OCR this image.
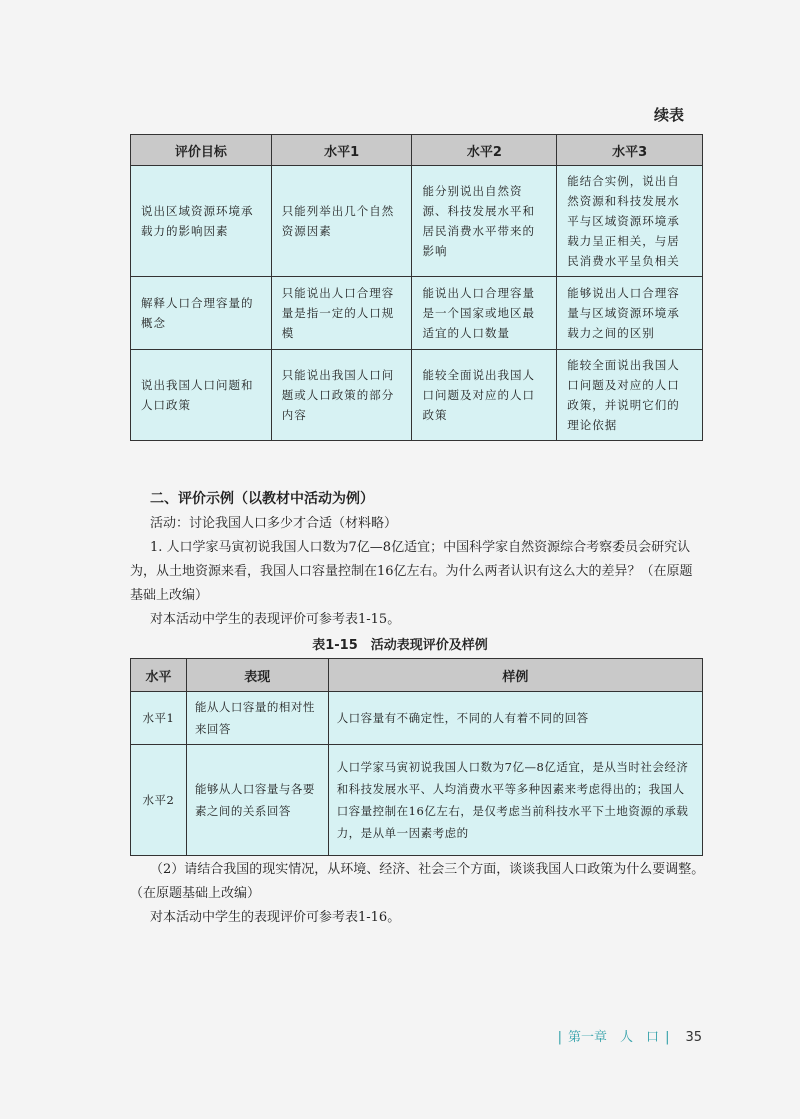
续表
评价目标	水平1	水平2	水平3
说出区域资源环境承载力的影响因素	只能列举出几个自然资源因素	能分别说出自然资源、科技发展水平和居民消费水平带来的影响	能结合实例，说出自然资源和科技发展水平与区域资源环境承载力呈正相关，与居民消费水平呈负相关
解释人口合理容量的概念	只能说出人口合理容量是指一定的人口规模	能说出人口合理容量是一个国家或地区最适宜的人口数量	能够说出人口合理容量与区域资源环境承载力之间的区别
说出我国人口问题和人口政策	只能说出我国人口问题或人口政策的部分内容	能较全面说出我国人口问题及对应的人口政策	能较全面说出我国人口问题及对应的人口政策，并说明它们的理论依据
二、评价示例（以教材中活动为例）
活动：讨论我国人口多少才合适（材料略）
1. 人口学家马寅初说我国人口数为7亿—8亿适宜；中国科学家自然资源综合考察委员会研究认为，从土地资源来看，我国人口容量控制在16亿左右。为什么两者认识有这么大的差异？（在原题基础上改编）
对本活动中学生的表现评价可参考表1-15。
表1-15　活动表现评价及样例
水平	表现	样例
水平1	能从人口容量的相对性来回答	人口容量有不确定性，不同的人有着不同的回答
水平2	能够从人口容量与各要素之间的关系回答	人口学家马寅初说我国人口数为7亿—8亿适宜，是从当时社会经济和科技发展水平、人均消费水平等多种因素来考虑得出的；我国人口容量控制在16亿左右，是仅考虑当前科技水平下土地资源的承载力，是从单一因素考虑的
（2）请结合我国的现实情况，从环境、经济、社会三个方面，谈谈我国人口政策为什么要调整。（在原题基础上改编）
对本活动中学生的表现评价可参考表1-16。
| 第一章　人　口 | 35
